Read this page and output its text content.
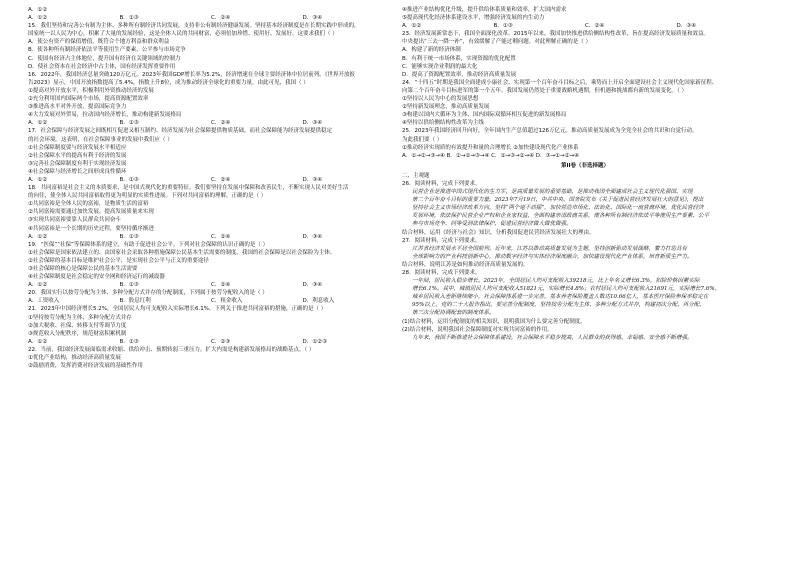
A．①②
A．①②	B．①③	C．②④	D．③④
15．我们坚持和完善公有制为主体、多种所有制经济共同发展，支持非公有制经济健康发展。坚持基本经济制度是在长期实践中形成的，
国家统一以人民为中心，积累了大量的发展经验，这是全体人民的共同财富，必须倍加珍惜、使用好、发展好。这要求我们（ ）
A．使公有资产的保值增值，既符合个地方利益和群众利益
B．使各种所有制经济依法平等使用生产要素，公平参与市场竞争
C．使国有经济占主体地位，提升国有经济在关键领域的控制力
D．使社会资本在社会经济中占主体，国有经济发挥重要作用
16．2022年，我国经济总量突破120万亿元。2023年我国GDP增长率为5.2%，经济增速在全球主要经济体中位居前列。《世界开放报
告2023》显示，中国开放指数提高了5.4%，指数上升8位，成为推动经济全球化的重要力量。由此可见，我国（ ）
①提高对外开放水平，积极利用外资推动经济的发展
②充分利用国内国际两个市场，提高资源配置效率
③推进高水平对外开放，提高国际竞争力
④大力发展对外贸易，拉动国内经济增长，推动构建新发展格局
A．①②	B．①③	C．②④	D．③④
17．社会保障与经济发展之间既相互促进又相互制约。经济发展为社会保障提供物质基础，而社会保障能为经济发展提供稳定
的社会环境。这表明，在社会保障事业的发展中我们应（ ）
①社会保障制度要与经济发展水平相适应
②社会保障水平的提高有利于经济的发展
③完善社会保障制度有利于实现经济发展
④社会保障与经济增长之间形成良性循环
A．①②	B．①③	C．②④	D．③④
18．共同富裕是社会主义的本质要求，是中国式现代化的重要特征。我们要坚持在发展中保障和改善民生，不断实现人民对美好生活
的向往，使全体人民共同富裕取得更为明显的实质性进展。下列对共同富裕的理解，正确的是（ ）
①共同富裕是全体人民的富裕，是物质生活的富裕
②共同富裕需要通过加快发展、提高发展质量来实现
③实现共同富裕要靠人民群众共同奋斗
④共同富裕是一个长期的历史过程，要坚持循序渐进
A．①②	B．①③	C．②④	D．③④
19．“医保”“社保”等保障体系的建立，有助于促进社会公平。下列对社会保障的认识正确的是（ ）
①社会保障是国家依法建立的、由国家社会采取各种措施保障公民基本生活需要的制度。我国的社会保障是以社会保险为主体。
②社会保障的基本目标是维护社会公平，是实现社会公平与正义的重要途径
③社会保障的核心是保障公民的基本生活需要
④社会保障制度是社会稳定的安全网和经济运行的减震器
A．①②	B．①③	C．②④	D．③④
20．我国实行以按劳分配为主体、多种分配方式并存的分配制度，下列属于按劳分配收入的是（ ）
A．工资收入	B．股息红利	C．租金收入	D．利息收入
21．2023年中国经济增长5.2%，全国居民人均可支配收入实际增长6.1%。下列关于推进共同富裕的措施，正确的是（ ）
①坚持按劳分配为主体、多种分配方式并存
②加大税收、社保、转移支付等调节力度
③规范收入分配秩序，规范财富积累机制
A．①②	B．①③	C．②③	D．①②③
22．当前，我国经济发展面临需求收缩、供给冲击、预期转弱三重压力。扩大内需是构建新发展格局的战略基点。（ ）
①优化产业结构，推动经济高质量发展
②鼓励消费，发挥消费对经济发展的基础性作用
④推进产业结构优化升级，提升供给体系质量和效率，扩大国内需求
⑤提高现代化经济体系建设水平，增强经济发展的内生动力
A．①②	B．①③	C．②④	D．③④
23．经济发展新常态下，我国全面深化改革。2015年以来，我国加快推进供给侧结构性改革，旨在提高经济发展质量和效益。
中央提出“三去一降一补”，有效缓解了产能过剩问题。对此理解正确的是（ ）
A．构建了新的经济体制
B．有利于统一市场体系，实现资源的优化配置
C．能够实现企业利润的最大化
D．提高了资源配置效率，推动经济高质量发展
24．“十四五”时期是我国全面建成小康社会、实现第一个百年奋斗目标之后，乘势而上开启全面建设社会主义现代化国家新征程、
向第二个百年奋斗目标进军的第一个五年。我国发展仍然处于重要战略机遇期，但机遇和挑战都有新的发展变化。（ ）
①坚持以人民为中心的发展思想
②坚持新发展理念，推动高质量发展
③构建以国内大循环为主体、国内国际双循环相互促进的新发展格局
④坚持以供给侧结构性改革为主线
25．2023年我国经济回升向好，全年国内生产总值超过126万亿元。推动高质量发展成为全党全社会的共识和自觉行动。
为此我们要（ ）
①推动经济实现质的有效提升和量的合理增长 ②加快建设现代化产业体系
A．①→②→③→④ B．②→①→③→④ C．①→③→②→④ D．③→①→②→④
第II卷（非选择题）
二、主观题
26．阅读材料，完成下列要求。
民营企业是推进中国式现代化的生力军，是高质量发展的重要基础，是推动我国全面建成社会主义现代化强国、实现
第二个百年奋斗目标的重要力量。2023年7月19日，中共中央、国务院发布《关于促进民营经济发展壮大的意见》，提出
坚持社会主义市场经济改革方向，坚持“两个毫不动摇”，加快营造市场化、法治化、国际化一流营商环境，优化民营经济
发展环境，依法保护民营企业产权和企业家权益，全面构建亲清政商关系，使各种所有制经济依法平等使用生产要素、公平
参与市场竞争、同等受到法律保护，促进民营经济做大做优做强。
结合材料，运用《经济与社会》知识，分析我国促进民营经济发展壮大的理由。
27．阅读材料，完成下列要求。
江苏省经济发展水平居全国前列。近年来，江苏以推动高质量发展为主题，坚持创新驱动发展战略，着力打造具有
全球影响力的产业科技创新中心，推动数字经济与实体经济深度融合，加快建设现代化产业体系，培育新质生产力。
结合材料，说明江苏是如何推动经济高质量发展的。
28．阅读材料，完成下列要求。
一年间，居民收入稳步增长。2023年，全国居民人均可支配收入39218元，比上年名义增长6.3%，扣除价格因素实际
增长6.1%。其中，城镇居民人均可支配收入51821元，实际增长4.8%；农村居民人均可支配收入21691元，实际增长7.6%。
城乡居民收入差距继续缩小，社会保障体系进一步完善，基本养老保险覆盖人数达10.66亿人，基本医疗保险参保率稳定在
95%以上。党的二十大报告指出，要完善分配制度，坚持按劳分配为主体、多种分配方式并存，构建初次分配、再分配、
第三次分配协调配套的制度体系。
(1)结合材料，运用分配制度的相关知识，说明我国为什么要完善分配制度。
(2)结合材料，说明我国社会保障制度对实现共同富裕的作用。
九年来，我国不断推进社会保障体系建设，社会保障水平稳步提高，人民群众的获得感、幸福感、安全感不断增强。
